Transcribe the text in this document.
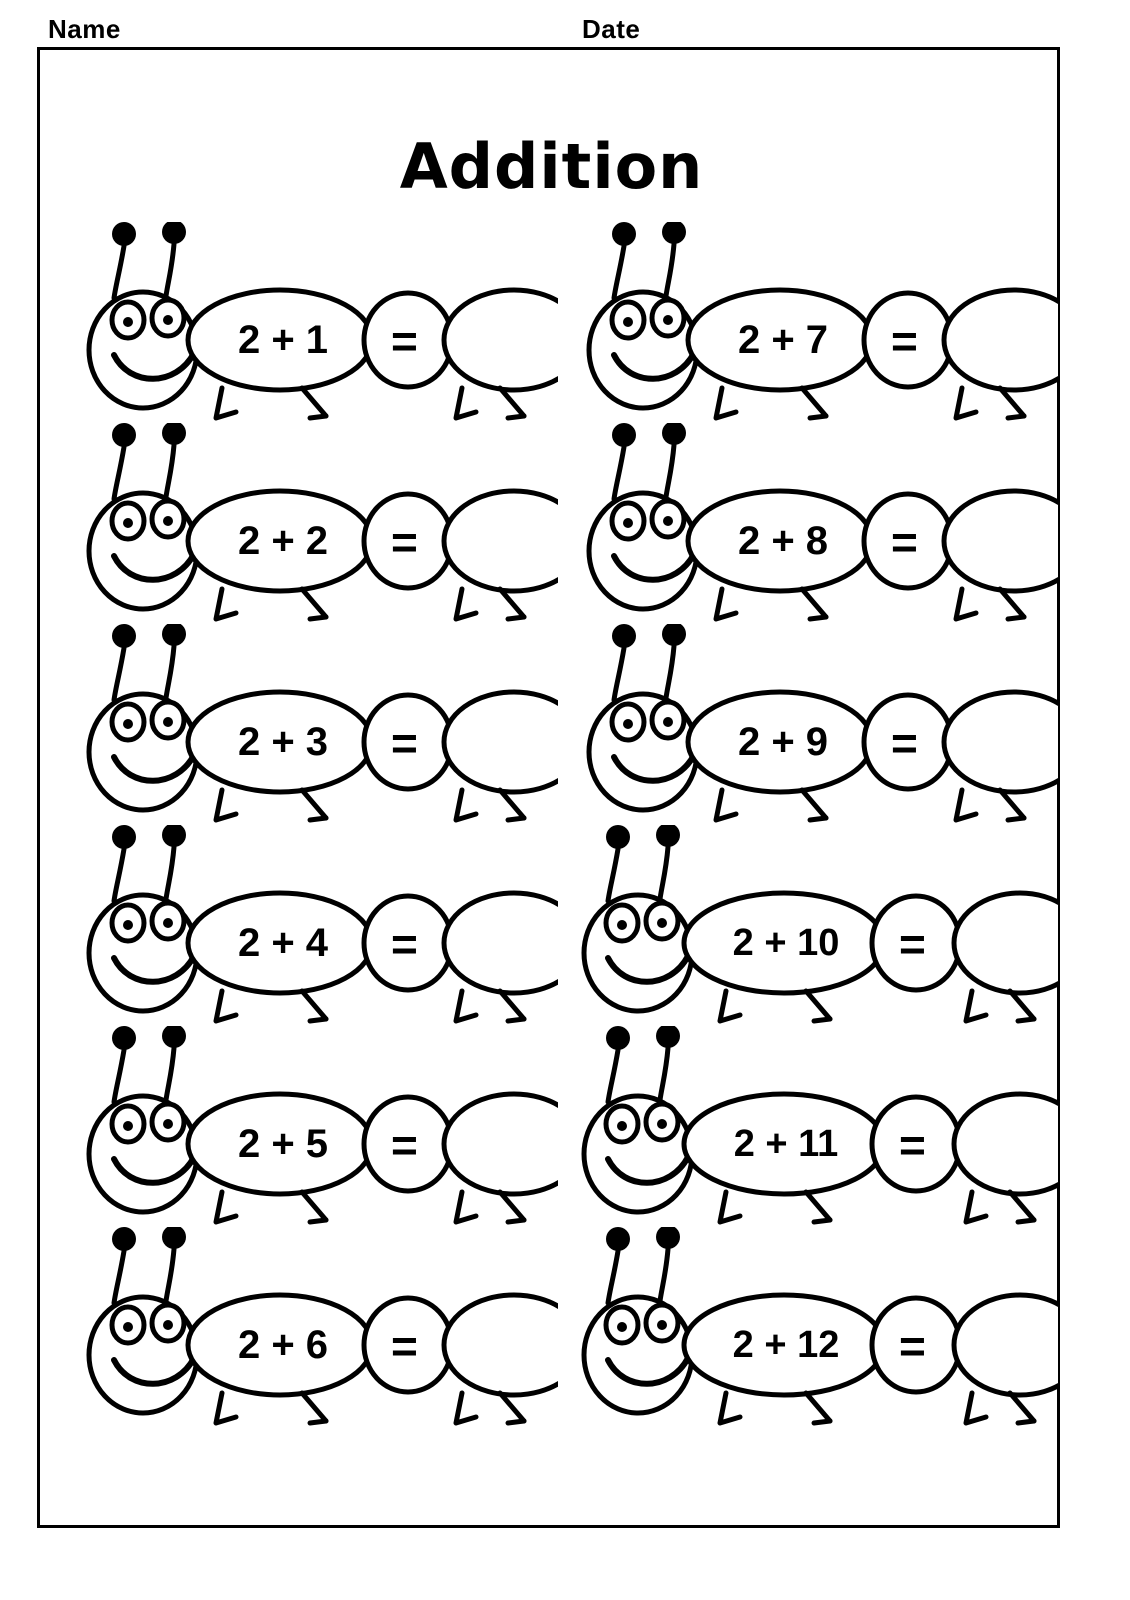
Name	Date
Addition
2 + 1	=	2 + 7	=
2 + 2	=	2 + 8	=
2 + 3	=	2 + 9	=
2 + 4	=	2 + 10	=
2 + 5	=	2 + 11	=
2 + 6	=	2 + 12	=
